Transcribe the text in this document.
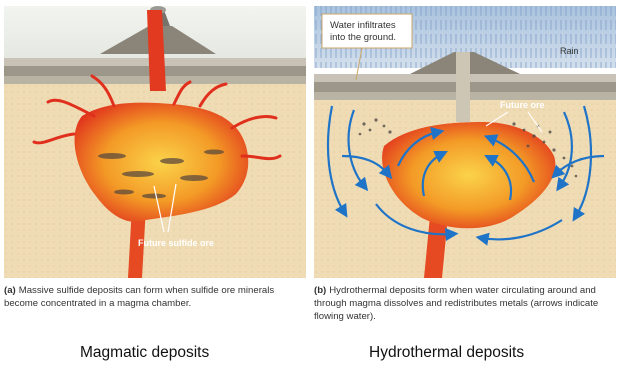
Future sulfide ore
Water infiltrates into the ground.
Rain
Future ore
(a) Massive sulfide deposits can form when sulfide ore minerals become concentrated in a magma chamber.
(b) Hydrothermal deposits form when water circulating around and through magma dissolves and redistributes metals (arrows indicate flowing water).
Magmatic deposits	Hydrothermal deposits
